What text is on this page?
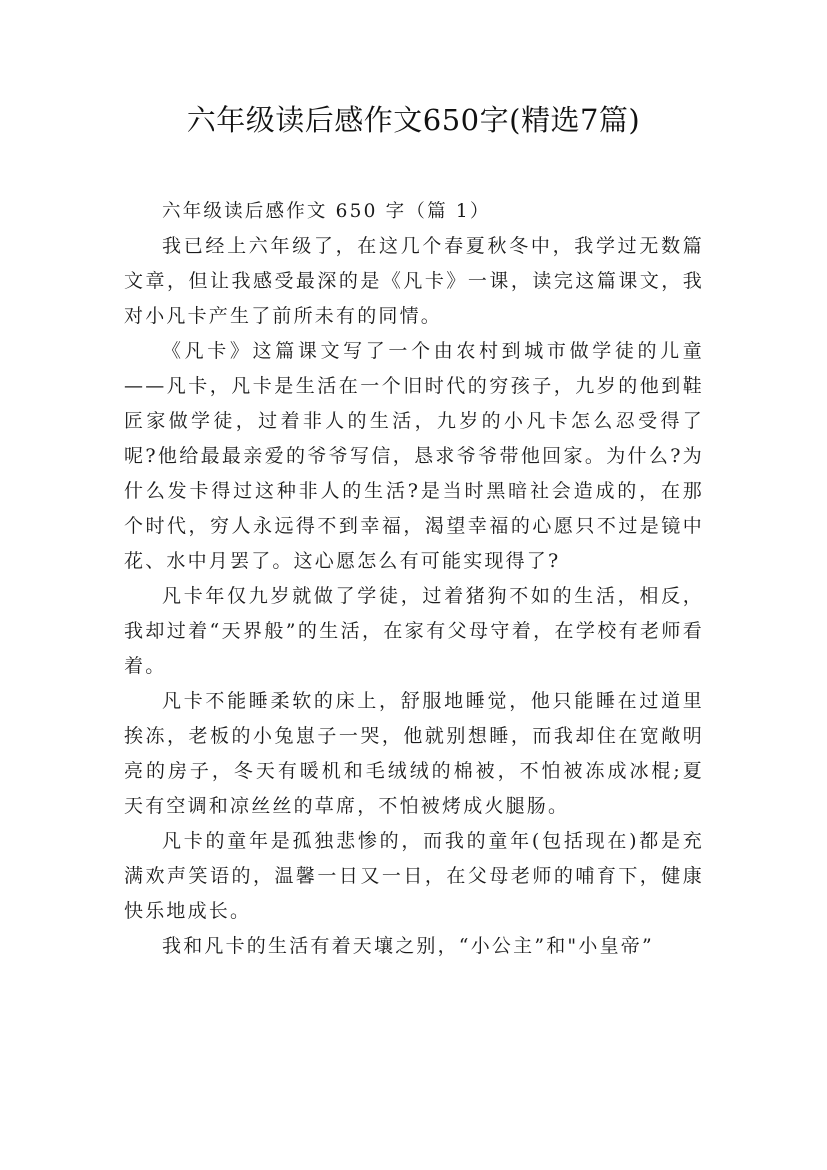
六年级读后感作文650字(精选7篇)

六年级读后感作文 650 字（篇 1）

我已经上六年级了，在这几个春夏秋冬中，我学过无数篇文章，但让我感受最深的是《凡卡》一课，读完这篇课文，我对小凡卡产生了前所未有的同情。

《凡卡》这篇课文写了一个由农村到城市做学徒的儿童——凡卡，凡卡是生活在一个旧时代的穷孩子，九岁的他到鞋匠家做学徒，过着非人的生活，九岁的小凡卡怎么忍受得了呢?他给最最亲爱的爷爷写信，恳求爷爷带他回家。为什么?为什么发卡得过这种非人的生活?是当时黑暗社会造成的，在那个时代，穷人永远得不到幸福，渴望幸福的心愿只不过是镜中花、水中月罢了。这心愿怎么有可能实现得了?

凡卡年仅九岁就做了学徒，过着猪狗不如的生活，相反，我却过着“天界般”的生活，在家有父母守着，在学校有老师看着。

凡卡不能睡柔软的床上，舒服地睡觉，他只能睡在过道里挨冻，老板的小兔崽子一哭，他就别想睡，而我却住在宽敞明亮的房子，冬天有暖机和毛绒绒的棉被，不怕被冻成冰棍;夏天有空调和凉丝丝的草席，不怕被烤成火腿肠。

凡卡的童年是孤独悲惨的，而我的童年(包括现在)都是充满欢声笑语的，温馨一日又一日，在父母老师的哺育下，健康快乐地成长。

我和凡卡的生活有着天壤之别，“小公主”和"小皇帝”
